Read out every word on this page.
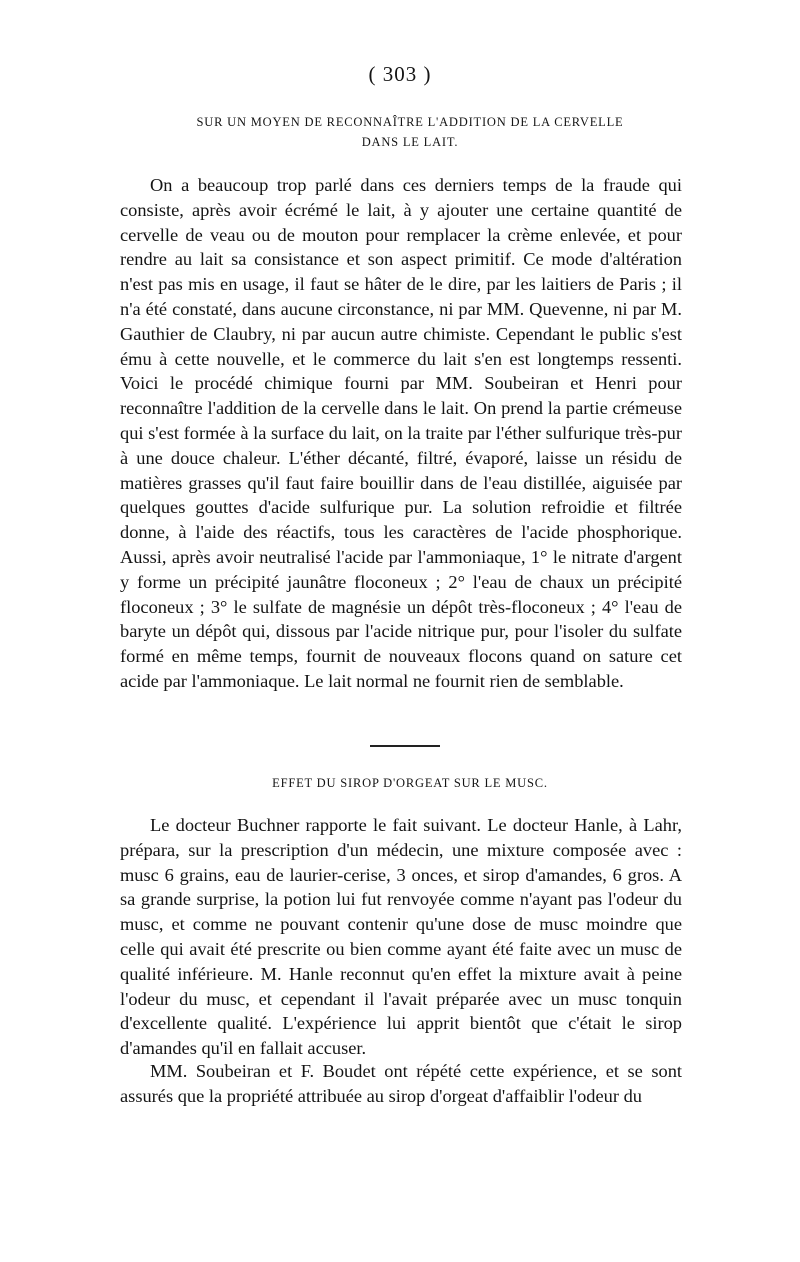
( 303 )
SUR UN MOYEN DE RECONNAÎTRE L'ADDITION DE LA CERVELLE
DANS LE LAIT.

On a beaucoup trop parlé dans ces derniers temps de la fraude qui consiste, après avoir écrémé le lait, à y ajouter une certaine quantité de cervelle de veau ou de mouton pour remplacer la crème enlevée, et pour rendre au lait sa consistance et son aspect primitif. Ce mode d'altération n'est pas mis en usage, il faut se hâter de le dire, par les laitiers de Paris ; il n'a été constaté, dans aucune circonstance, ni par MM. Quevenne, ni par M. Gauthier de Claubry, ni par aucun autre chimiste. Cependant le public s'est ému à cette nouvelle, et le commerce du lait s'en est longtemps ressenti. Voici le procédé chimique fourni par MM. Soubeiran et Henri pour reconnaître l'addition de la cervelle dans le lait. On prend la partie crémeuse qui s'est formée à la surface du lait, on la traite par l'éther sulfurique très-pur à une douce chaleur. L'éther décanté, filtré, évaporé, laisse un résidu de matières grasses qu'il faut faire bouillir dans de l'eau distillée, aiguisée par quelques gouttes d'acide sulfurique pur. La solution refroidie et filtrée donne, à l'aide des réactifs, tous les caractères de l'acide phosphorique. Aussi, après avoir neutralisé l'acide par l'ammoniaque, 1° le nitrate d'argent y forme un précipité jaunâtre floconeux ; 2° l'eau de chaux un précipité floconeux ; 3° le sulfate de magnésie un dépôt très-floconeux ; 4° l'eau de baryte un dépôt qui, dissous par l'acide nitrique pur, pour l'isoler du sulfate formé en même temps, fournit de nouveaux flocons quand on sature cet acide par l'ammoniaque. Le lait normal ne fournit rien de semblable.

EFFET DU SIROP D'ORGEAT SUR LE MUSC.

Le docteur Buchner rapporte le fait suivant. Le docteur Hanle, à Lahr, prépara, sur la prescription d'un médecin, une mixture composée avec : musc 6 grains, eau de laurier-cerise, 3 onces, et sirop d'amandes, 6 gros. A sa grande surprise, la potion lui fut renvoyée comme n'ayant pas l'odeur du musc, et comme ne pouvant contenir qu'une dose de musc moindre que celle qui avait été prescrite ou bien comme ayant été faite avec un musc de qualité inférieure. M. Hanle reconnut qu'en effet la mixture avait à peine l'odeur du musc, et cependant il l'avait préparée avec un musc tonquin d'excellente qualité. L'expérience lui apprit bientôt que c'était le sirop d'amandes qu'il en fallait accuser.

MM. Soubeiran et F. Boudet ont répété cette expérience, et se sont assurés que la propriété attribuée au sirop d'orgeat d'affaiblir l'odeur du
